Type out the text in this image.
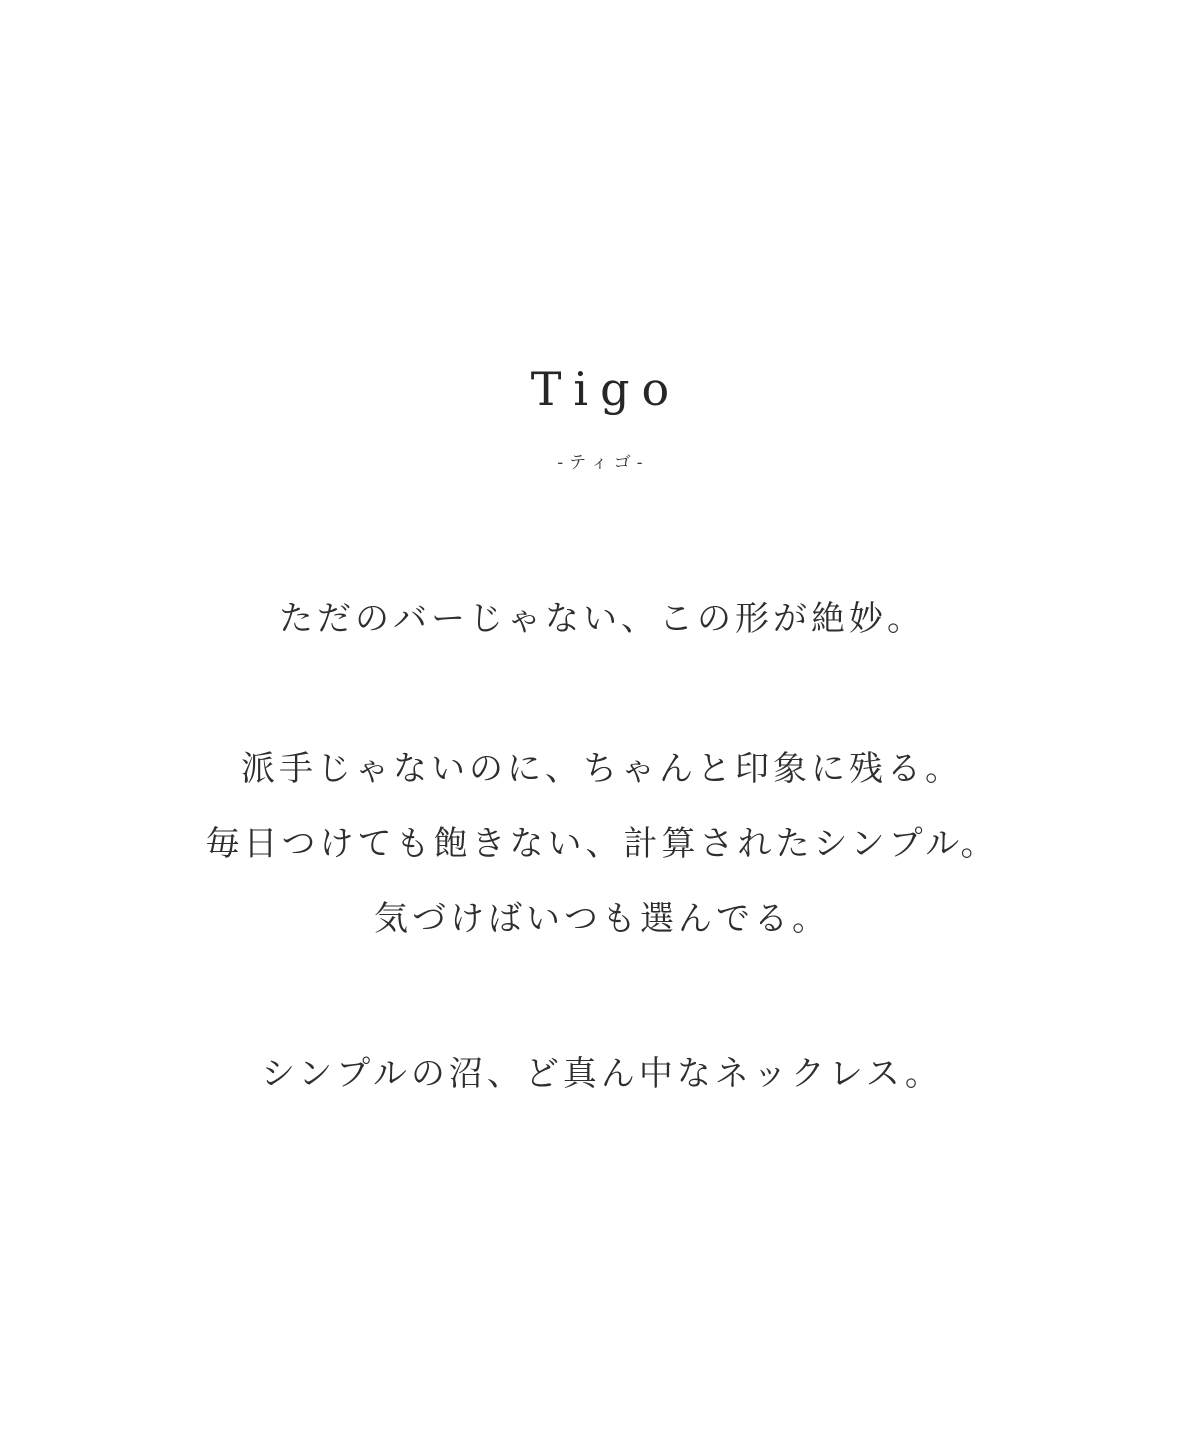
Tigo
-ティゴ-
ただのバーじゃない、この形が絶妙。
派手じゃないのに、ちゃんと印象に残る。
毎日つけても飽きない、計算されたシンプル。
気づけばいつも選んでる。
シンプルの沼、ど真ん中なネックレス。
